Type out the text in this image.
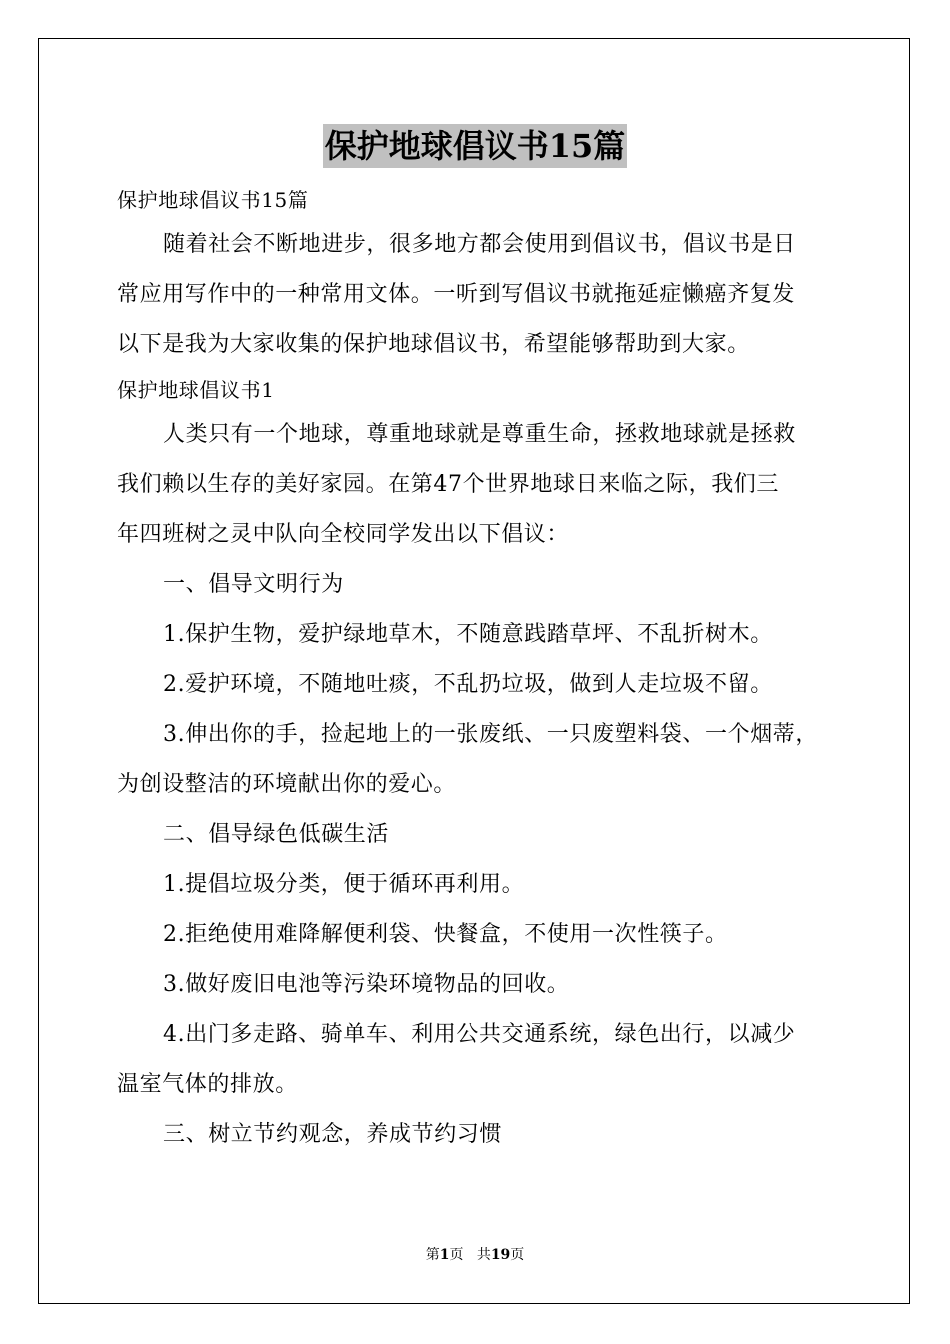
保护地球倡议书15篇
保护地球倡议书15篇
随着社会不断地进步，很多地方都会使用到倡议书，倡议书是日
常应用写作中的一种常用文体。一听到写倡议书就拖延症懒癌齐复发
以下是我为大家收集的保护地球倡议书，希望能够帮助到大家。
保护地球倡议书1
人类只有一个地球，尊重地球就是尊重生命，拯救地球就是拯救
我们赖以生存的美好家园。在第47个世界地球日来临之际，我们三
年四班树之灵中队向全校同学发出以下倡议：
一、倡导文明行为
1.保护生物，爱护绿地草木，不随意践踏草坪、不乱折树木。
2.爱护环境，不随地吐痰，不乱扔垃圾，做到人走垃圾不留。
3.伸出你的手，捡起地上的一张废纸、一只废塑料袋、一个烟蒂，
为创设整洁的环境献出你的爱心。
二、倡导绿色低碳生活
1.提倡垃圾分类，便于循环再利用。
2.拒绝使用难降解便利袋、快餐盒，不使用一次性筷子。
3.做好废旧电池等污染环境物品的回收。
4.出门多走路、骑单车、利用公共交通系统，绿色出行，以减少
温室气体的排放。
三、树立节约观念，养成节约习惯
第1页 共19页
